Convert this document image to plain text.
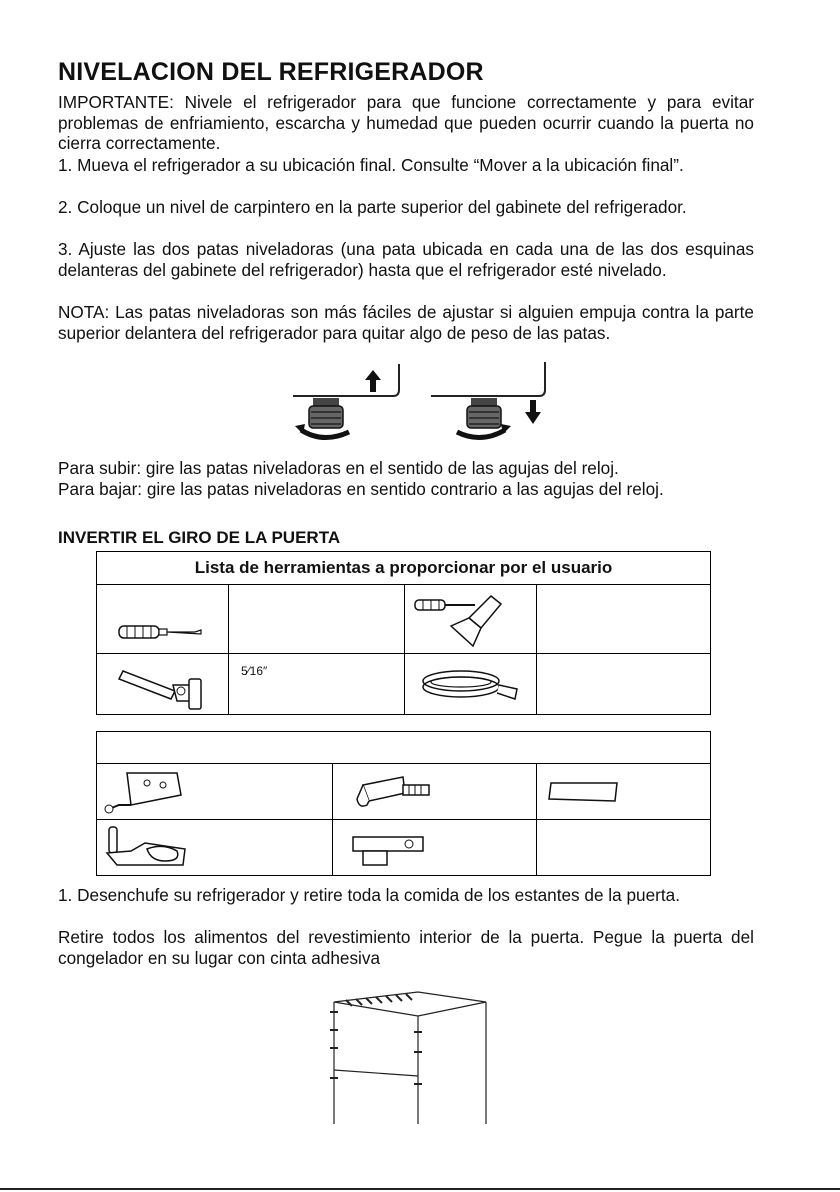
NIVELACION DEL REFRIGERADOR

IMPORTANTE: Nivele el refrigerador para que funcione correctamente y para evitar problemas de enfriamiento, escarcha y humedad que pueden ocurrir cuando la puerta no cierra correctamente.

1. Mueva el refrigerador a su ubicación final. Consulte “Mover a la ubicación final”.

2. Coloque un nivel de carpintero en la parte superior del gabinete del refrigerador.

3. Ajuste las dos patas niveladoras (una pata ubicada en cada una de las dos esquinas delanteras del gabinete del refrigerador) hasta que el refrigerador esté nivelado.

NOTA: Las patas niveladoras son más fáciles de ajustar si alguien empuja contra la parte superior delantera del refrigerador para quitar algo de peso de las patas.

Para subir: gire las patas niveladoras en el sentido de las agujas del reloj.

Para bajar: gire las patas niveladoras en sentido contrario a las agujas del reloj.

INVERTIR EL GIRO DE LA PUERTA
Lista de herramientas a proporcionar por el usuario			

5⁄16″

1. Desenchufe su refrigerador y retire toda la comida de los estantes de la puerta.

Retire todos los alimentos del revestimiento interior de la puerta. Pegue la puerta del congelador en su lugar con cinta adhesiva
